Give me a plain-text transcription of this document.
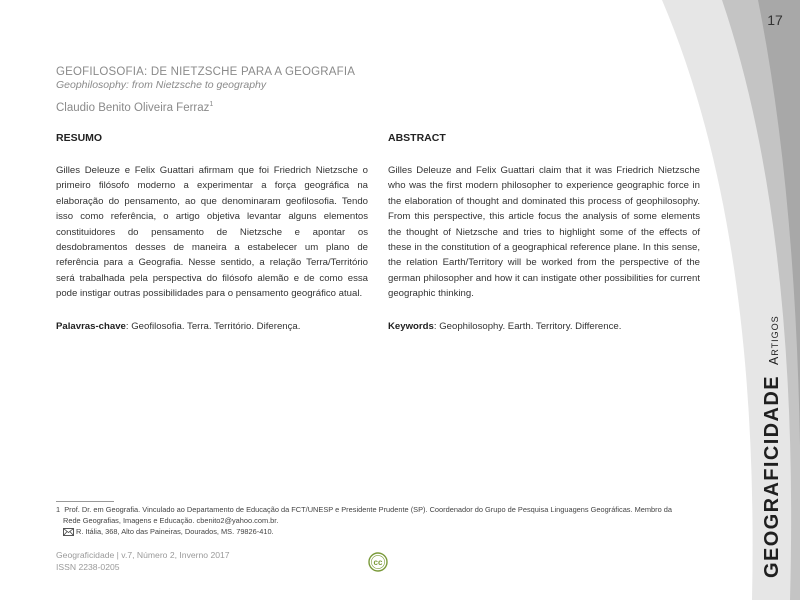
17
GEOFILOSOFIA: DE NIETZSCHE PARA A GEOGRAFIA
Geophilosophy: from Nietzsche to geography
Claudio Benito Oliveira Ferraz$^1$
RESUMO
Gilles Deleuze e Felix Guattari afirmam que foi Friedrich Nietzsche o primeiro filósofo moderno a experimentar a força geográfica na elaboração do pensamento, ao que denominaram geofilosofia. Tendo isso como referência, o artigo objetiva levantar alguns elementos constituidores do pensamento de Nietzsche e apontar os desdobramentos desses de maneira a estabelecer um plano de referência para a Geografia. Nesse sentido, a relação Terra/Território será trabalhada pela perspectiva do filósofo alemão e de como essa pode instigar outras possibilidades para o pensamento geográfico atual.
Palavras-chave: Geofilosofia. Terra. Território. Diferença.
ABSTRACT
Gilles Deleuze and Felix Guattari claim that it was Friedrich Nietzsche who was the first modern philosopher to experience geographic force in the elaboration of thought and dominated this process of geophilosophy. From this perspective, this article focus the analysis of some elements the thought of Nietzsche and tries to highlight some of the effects of these in the constitution of a geographical reference plane. In this sense, the relation Earth/Territory will be worked from the perspective of the german philosopher and how it can instigate other possibilities for current geographic thinking.
Keywords: Geophilosophy. Earth. Territory. Difference.
1 Prof. Dr. em Geografia. Vinculado ao Departamento de Educação da FCT/UNESP e Presidente Prudente (SP). Coordenador do Grupo de Pesquisa Linguagens Geográficas. Membro da
Rede Geografias, Imagens e Educação. cbenito2@yahoo.com.br.
R. Itália, 368, Alto das Paineiras, Dourados, MS. 79826-410.
Geograficidade | v.7, Número 2, Inverno 2017
ISSN 2238-0205	cc	GEOGRAFICIDADEArtigos
